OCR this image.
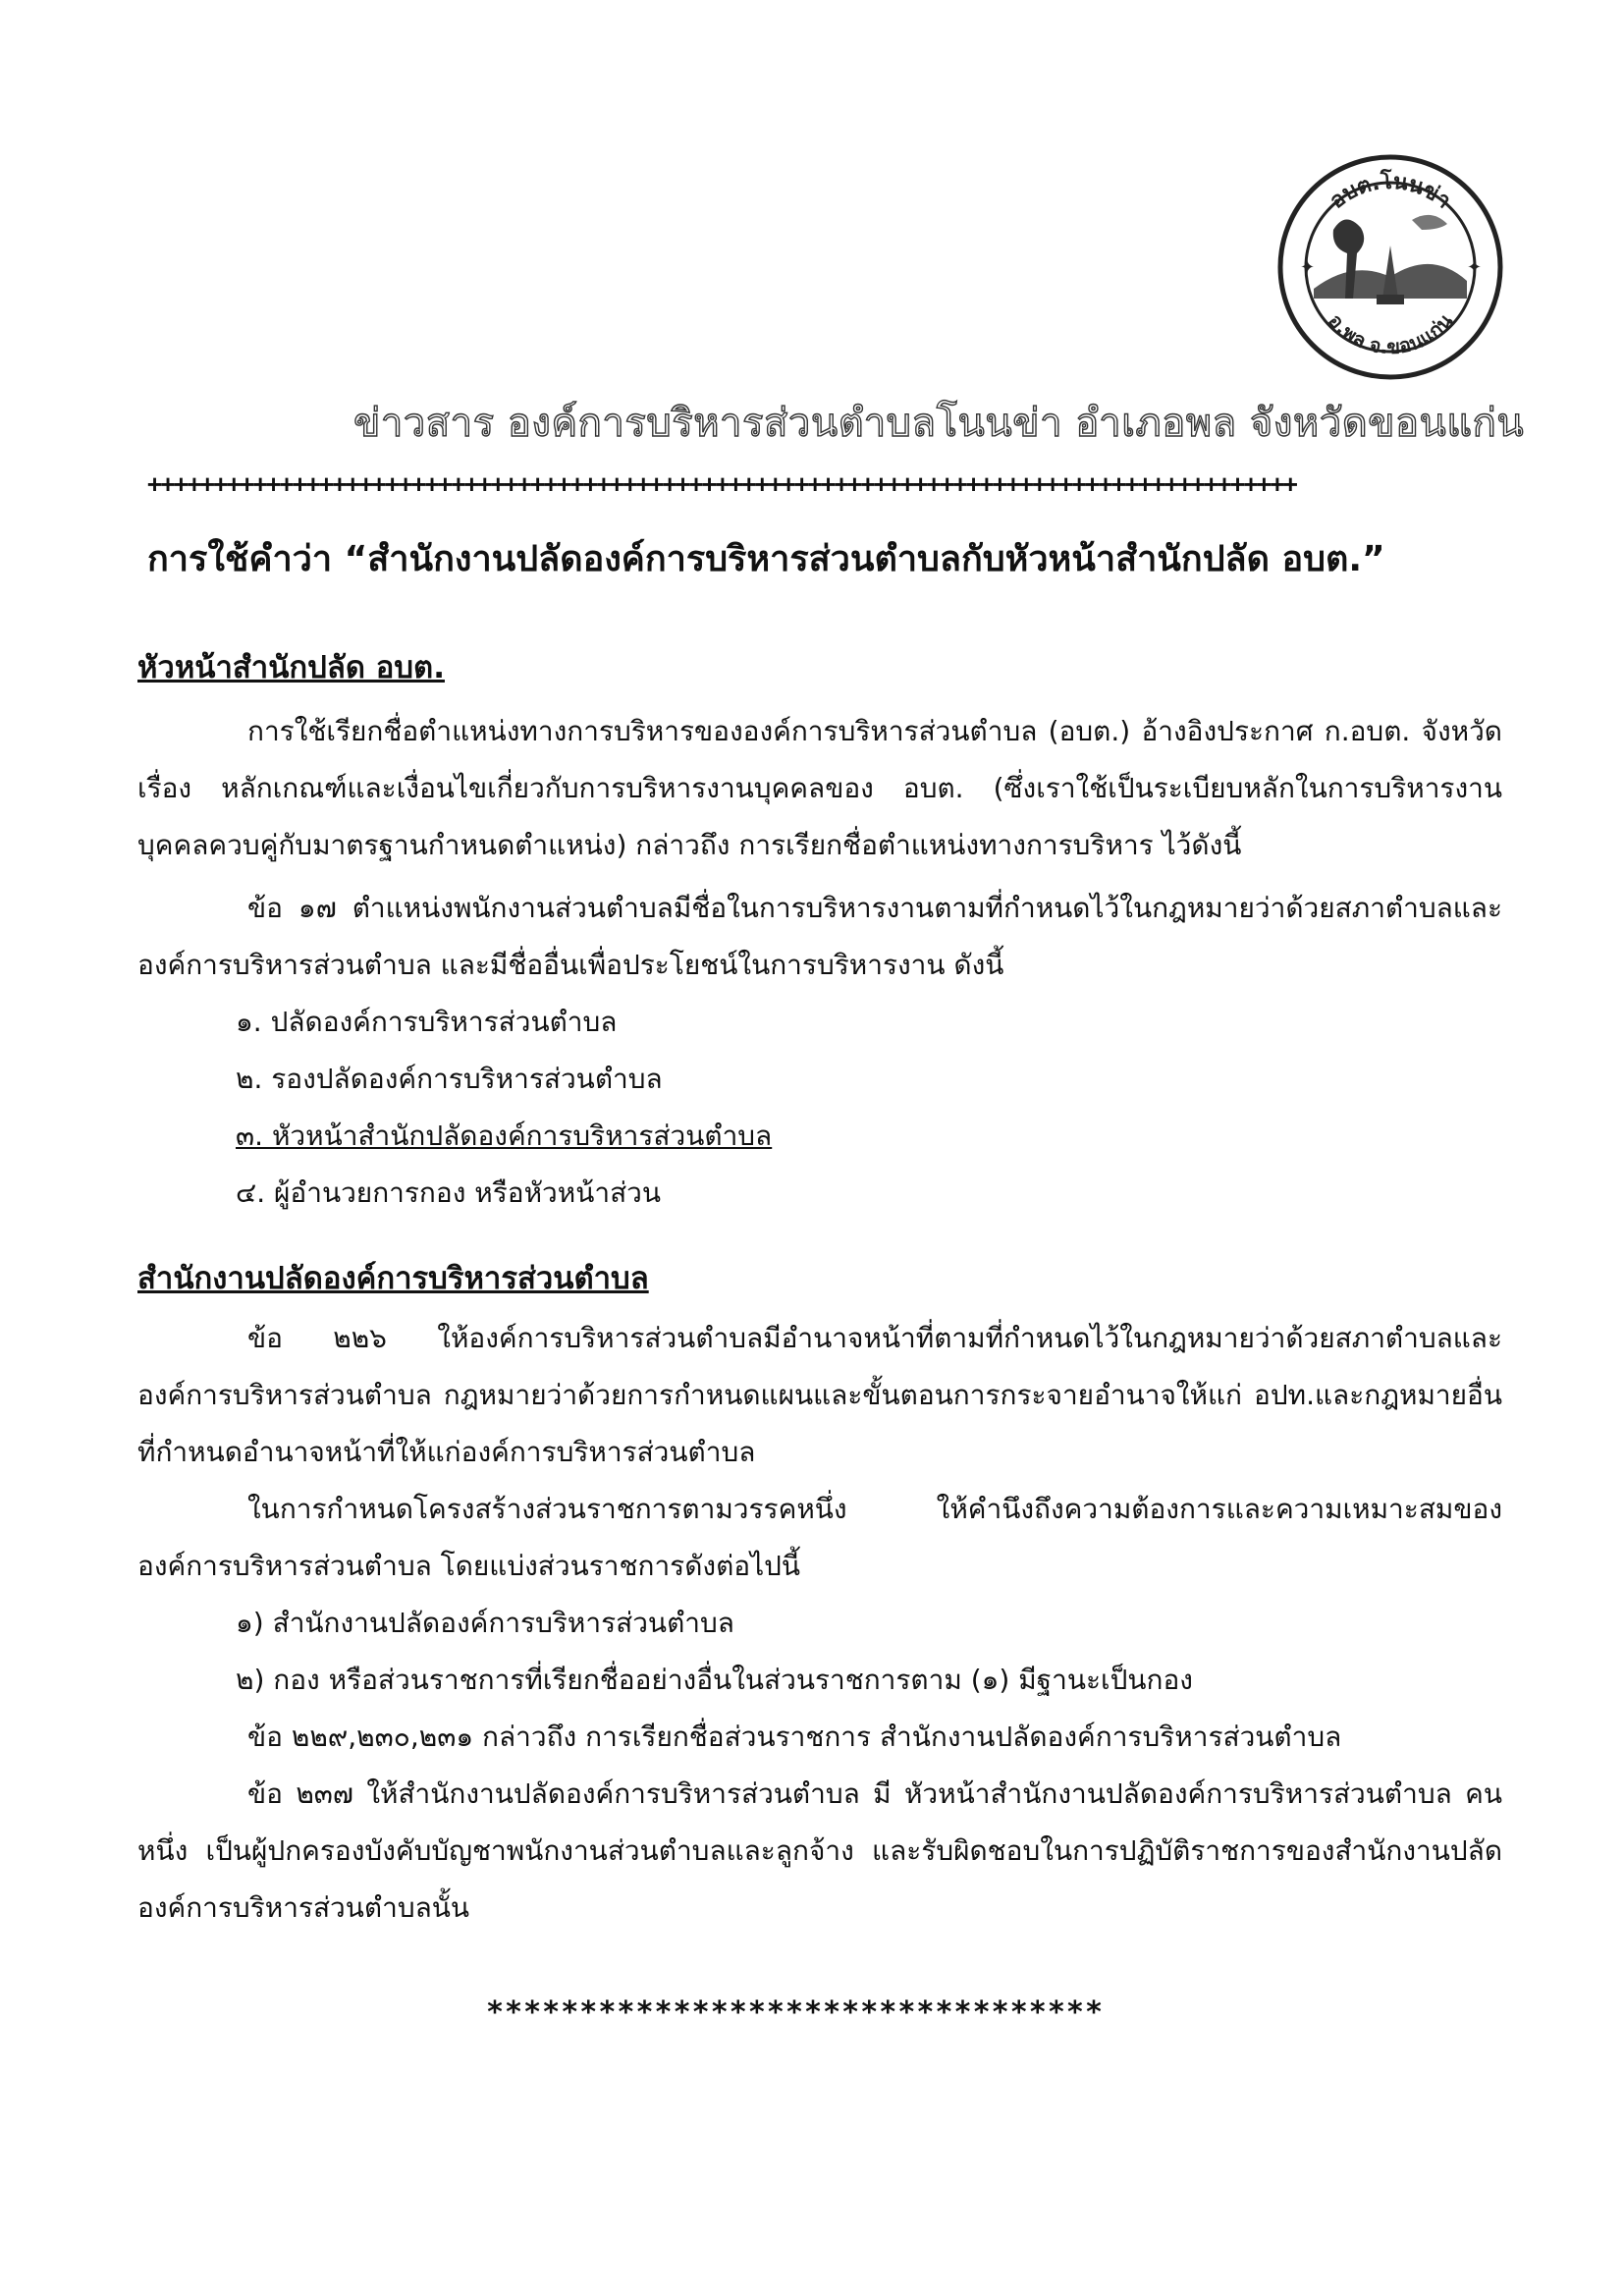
อบต.โนนข่า
อ.พล จ.ขอนแก่น
✦	✦
ข่าวสาร องค์การบริหารส่วนตำบลโนนข่า อำเภอพล จังหวัดขอนแก่น
+++++++++++++++++++++++++++++++++++++++++++++++++++++++++++++++++++++++++++++++++++++++
การใช้คำว่า “สำนักงานปลัดองค์การบริหารส่วนตำบลกับหัวหน้าสำนักปลัด อบต.”

หัวหน้าสำนักปลัด อบต.

การใช้เรียกชื่อตำแหน่งทางการบริหารขององค์การบริหารส่วนตำบล (อบต.) อ้างอิงประกาศ ก.อบต. จังหวัด เรื่อง หลักเกณฑ์และเงื่อนไขเกี่ยวกับการบริหารงานบุคคลของ อบต. (ซึ่งเราใช้เป็นระเบียบหลักในการบริหารงานบุคคลควบคู่กับมาตรฐานกำหนดตำแหน่ง) กล่าวถึง การเรียกชื่อตำแหน่งทางการบริหาร ไว้ดังนี้

ข้อ ๑๗ ตำแหน่งพนักงานส่วนตำบลมีชื่อในการบริหารงานตามที่กำหนดไว้ในกฎหมายว่าด้วยสภาตำบลและองค์การบริหารส่วนตำบล และมีชื่ออื่นเพื่อประโยชน์ในการบริหารงาน ดังนี้

๑. ปลัดองค์การบริหารส่วนตำบล

๒. รองปลัดองค์การบริหารส่วนตำบล

๓. หัวหน้าสำนักปลัดองค์การบริหารส่วนตำบล

๔. ผู้อำนวยการกอง หรือหัวหน้าส่วน

สำนักงานปลัดองค์การบริหารส่วนตำบล

ข้อ ๒๒๖ ให้องค์การบริหารส่วนตำบลมีอำนาจหน้าที่ตามที่กำหนดไว้ในกฎหมายว่าด้วยสภาตำบลและองค์การบริหารส่วนตำบล กฎหมายว่าด้วยการกำหนดแผนและขั้นตอนการกระจายอำนาจให้แก่ อปท.และกฎหมายอื่นที่กำหนดอำนาจหน้าที่ให้แก่องค์การบริหารส่วนตำบล

ในการกำหนดโครงสร้างส่วนราชการตามวรรคหนึ่ง ให้คำนึงถึงความต้องการและความเหมาะสมขององค์การบริหารส่วนตำบล โดยแบ่งส่วนราชการดังต่อไปนี้

๑) สำนักงานปลัดองค์การบริหารส่วนตำบล

๒) กอง หรือส่วนราชการที่เรียกชื่ออย่างอื่นในส่วนราชการตาม (๑) มีฐานะเป็นกอง

ข้อ ๒๒๙,๒๓๐,๒๓๑ กล่าวถึง การเรียกชื่อส่วนราชการ สำนักงานปลัดองค์การบริหารส่วนตำบล

ข้อ ๒๓๗ ให้สำนักงานปลัดองค์การบริหารส่วนตำบล มี หัวหน้าสำนักงานปลัดองค์การบริหารส่วนตำบล คนหนึ่ง เป็นผู้ปกครองบังคับบัญชาพนักงานส่วนตำบลและลูกจ้าง และรับผิดชอบในการปฏิบัติราชการของสำนักงานปลัดองค์การบริหารส่วนตำบลนั้น

*********************************
